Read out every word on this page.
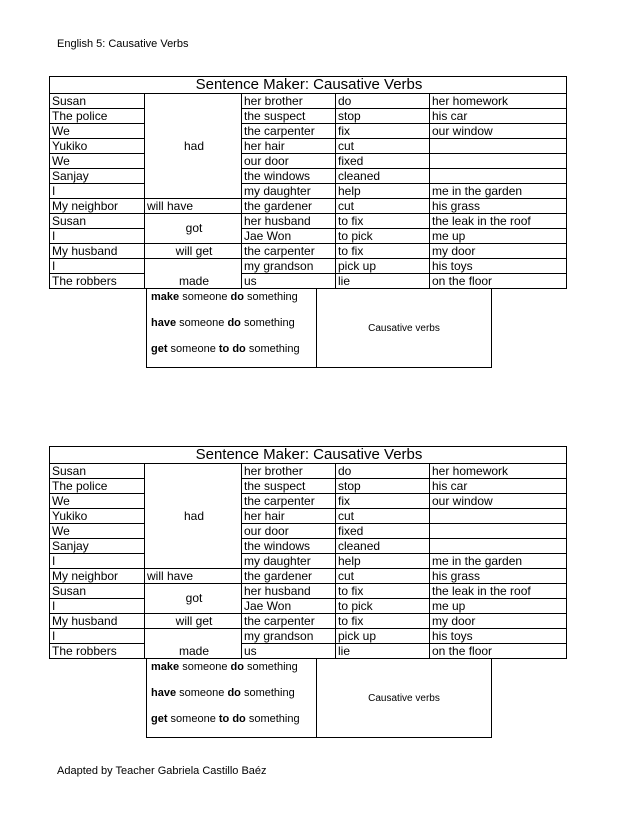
English 5: Causative Verbs
Sentence Maker: Causative Verbs				
Susan	had	her brother	do	her homework
The police		the suspect	stop	his car
We		the carpenter	fix	our window
Yukiko		her hair	cut	
We		our door	fixed	
Sanjay		the windows	cleaned	
I		my daughter	help	me in the garden
My neighbor	will have	the gardener	cut	his grass
Susan	got	her husband	to fix	the leak in the roof
I		Jae Won	to pick	me up
My husband	will get	the carpenter	to fix	my door
I	made	my grandson	pick up	his toys
The robbers		us	lie	on the floor
make someone do something
have someone do something
get someone to do something
Causative verbs
Sentence Maker: Causative Verbs				
Susan	had	her brother	do	her homework
The police		the suspect	stop	his car
We		the carpenter	fix	our window
Yukiko		her hair	cut	
We		our door	fixed	
Sanjay		the windows	cleaned	
I		my daughter	help	me in the garden
My neighbor	will have	the gardener	cut	his grass
Susan	got	her husband	to fix	the leak in the roof
I		Jae Won	to pick	me up
My husband	will get	the carpenter	to fix	my door
I	made	my grandson	pick up	his toys
The robbers		us	lie	on the floor
make someone do something
have someone do something
get someone to do something
Causative verbs
Adapted by Teacher Gabriela Castillo Baéz
